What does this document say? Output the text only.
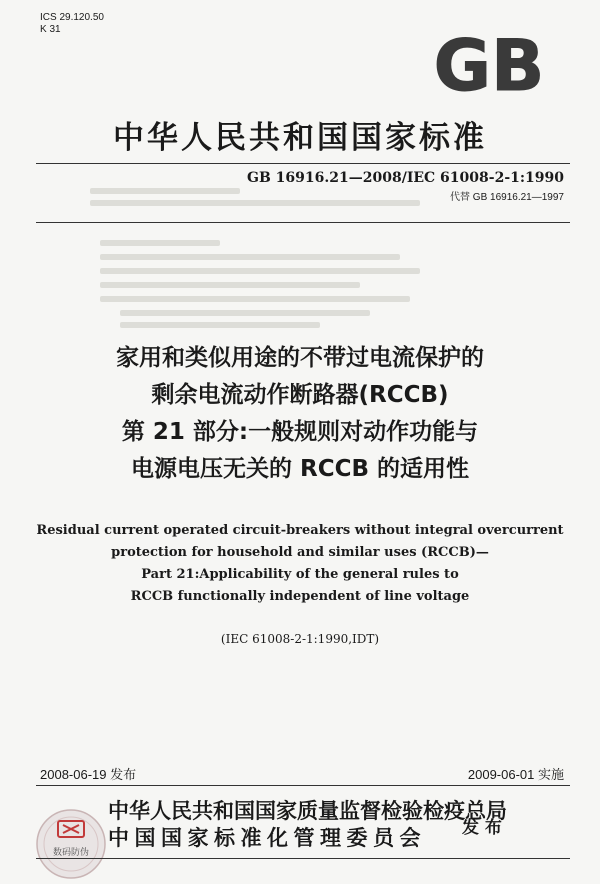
ICS 29.120.50
K 31	GB
中华人民共和国国家标准
GB 16916.21—2008/IEC 61008-2-1:1990
代替 GB 16916.21—1997
家用和类似用途的不带过电流保护的
剩余电流动作断路器(RCCB)
第 21 部分:一般规则对动作功能与
电源电压无关的 RCCB 的适用性
Residual current operated circuit-breakers without integral overcurrent
protection for household and similar uses (RCCB)—
Part 21:Applicability of the general rules to
RCCB functionally independent of line voltage
(IEC 61008-2-1:1990,IDT)
2008-06-19 发布	2009-06-01 实施
数码防伪
中华人民共和国国家质量监督检验检疫总局
中国国家标准化管理委员会	发 布
